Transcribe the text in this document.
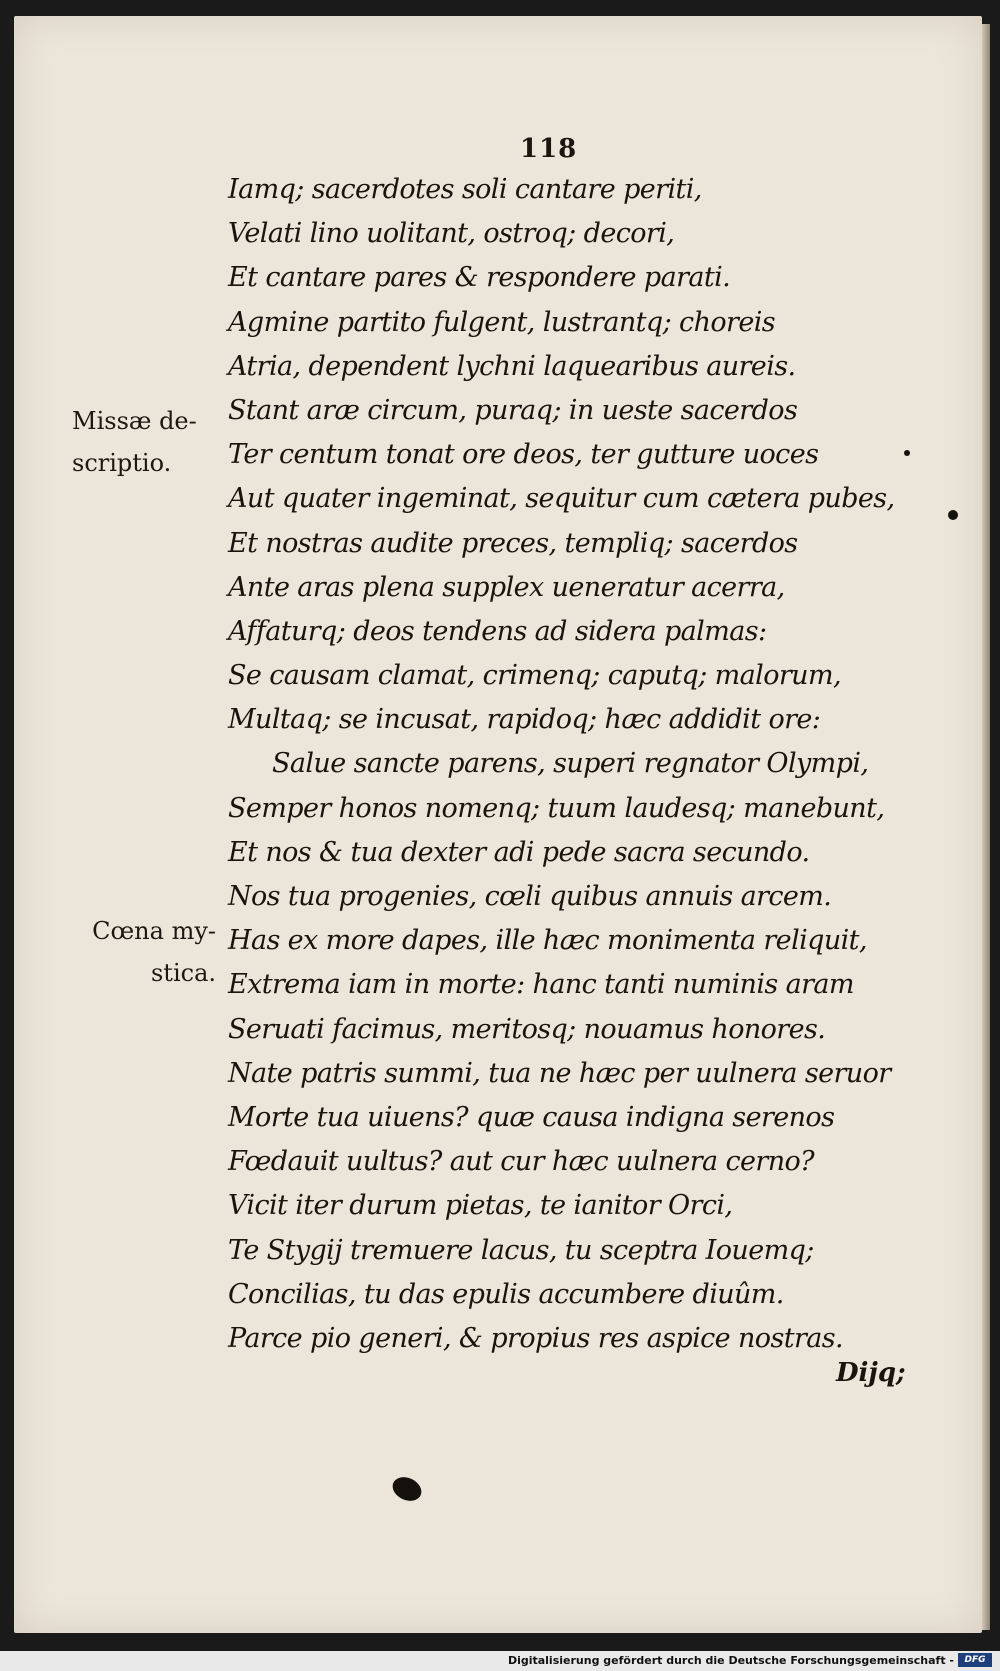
118
Iamq; sacerdotes soli cantare periti,
Velati lino uolitant, ostroq; decori,
Et cantare pares & respondere parati.
Agmine partito fulgent, lustrantq; choreis
Atria, dependent lychni laquearibus aureis.
Stant aræ circum, puraq; in ueste sacerdos
Ter centum tonat ore deos, ter gutture uoces
Aut quater ingeminat, sequitur cum cætera pubes,
Et nostras audite preces, templiq; sacerdos
Ante aras plena supplex ueneratur acerra,
Affaturq; deos tendens ad sidera palmas:
Se causam clamat, crimenq; caputq; malorum,
Multaq; se incusat, rapidoq; hæc addidit ore:
Salue sancte parens, superi regnator Olympi,
Semper honos nomenq; tuum laudesq; manebunt,
Et nos & tua dexter adi pede sacra secundo.
Nos tua progenies, cœli quibus annuis arcem.
Has ex more dapes, ille hæc monimenta reliquit,
Extrema iam in morte: hanc tanti numinis aram
Seruati facimus, meritosq; nouamus honores.
Nate patris summi, tua ne hæc per uulnera seruor
Morte tua uiuens? quæ causa indigna serenos
Fœdauit uultus? aut cur hæc uulnera cerno?
Vicit iter durum pietas, te ianitor Orci,
Te Stygij tremuere lacus, tu sceptra Iouemq;
Concilias, tu das epulis accumbere diuûm.
Parce pio generi, & propius res aspice nostras.
Missæ de-
scriptio.
Cœna my-
stica.
Dijq;
Digitalisierung gefördert durch die Deutsche Forschungsgemeinschaft -	DFG
